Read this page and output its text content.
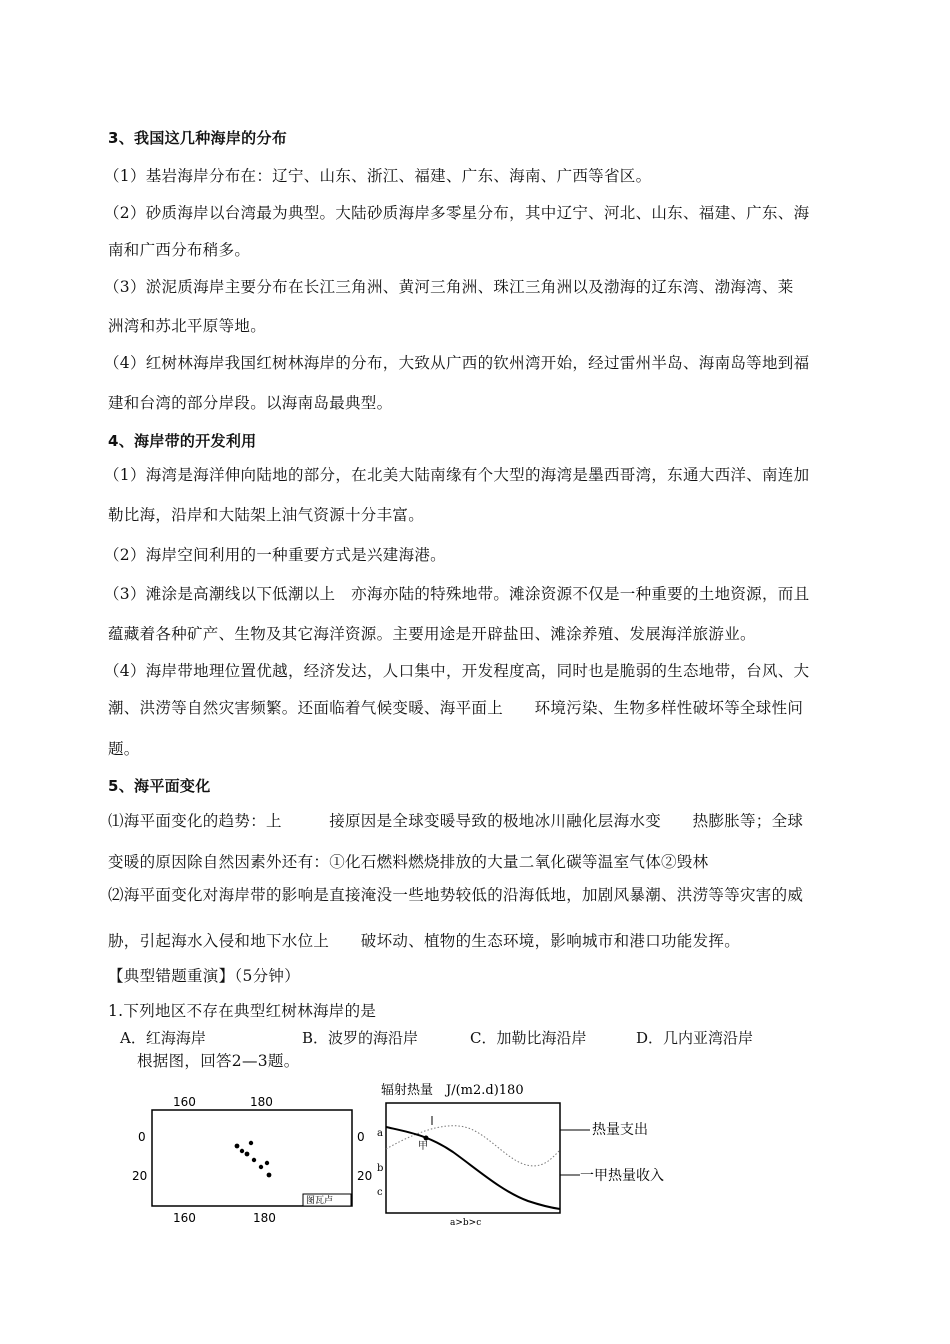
3、我国这几种海岸的分布
（1）基岩海岸分布在：辽宁、山东、浙江、福建、广东、海南、广西等省区。
（2）砂质海岸以台湾最为典型。大陆砂质海岸多零星分布，其中辽宁、河北、山东、福建、广东、海
南和广西分布稍多。
（3）淤泥质海岸主要分布在长江三角洲、黄河三角洲、珠江三角洲以及渤海的辽东湾、渤海湾、莱
洲湾和苏北平原等地。
（4）红树林海岸我国红树林海岸的分布，大致从广西的钦州湾开始，经过雷州半岛、海南岛等地到福
建和台湾的部分岸段。以海南岛最典型。
4、海岸带的开发利用
（1）海湾是海洋伸向陆地的部分，在北美大陆南缘有个大型的海湾是墨西哥湾，东通大西洋、南连加
勒比海，沿岸和大陆架上油气资源十分丰富。
（2）海岸空间利用的一种重要方式是兴建海港。
（3）滩涂是高潮线以下低潮以上　亦海亦陆的特殊地带。滩涂资源不仅是一种重要的土地资源，而且
蕴藏着各种矿产、生物及其它海洋资源。主要用途是开辟盐田、滩涂养殖、发展海洋旅游业。
（4）海岸带地理位置优越，经济发达，人口集中，开发程度高，同时也是脆弱的生态地带，台风、大
潮、洪涝等自然灾害频繁。还面临着气候变暖、海平面上　　环境污染、生物多样性破坏等全球性问
题。
5、海平面变化
⑴海平面变化的趋势：上　　　接原因是全球变暖导致的极地冰川融化层海水变　　热膨胀等；全球
变暖的原因除自然因素外还有：①化石燃料燃烧排放的大量二氧化碳等温室气体②毁林
⑵海平面变化对海岸带的影响是直接淹没一些地势较低的沿海低地，加剧风暴潮、洪涝等等灾害的威
胁，引起海水入侵和地下水位上　　破坏动、植物的生态环境，影响城市和港口功能发挥。
【典型错题重演】（5分钟）
1.下列地区不存在典型红树林海岸的是
A．红海海岸	B．波罗的海沿岸	C．加勒比海沿岸	D．几内亚湾沿岸
根据图，回答2—3题。
160	180
160	180
0
20
0
20
图瓦卢
辐射热量　J/(m2.d)180
a
b
c
甲
a>b>c
热量支出
一甲热量收入
